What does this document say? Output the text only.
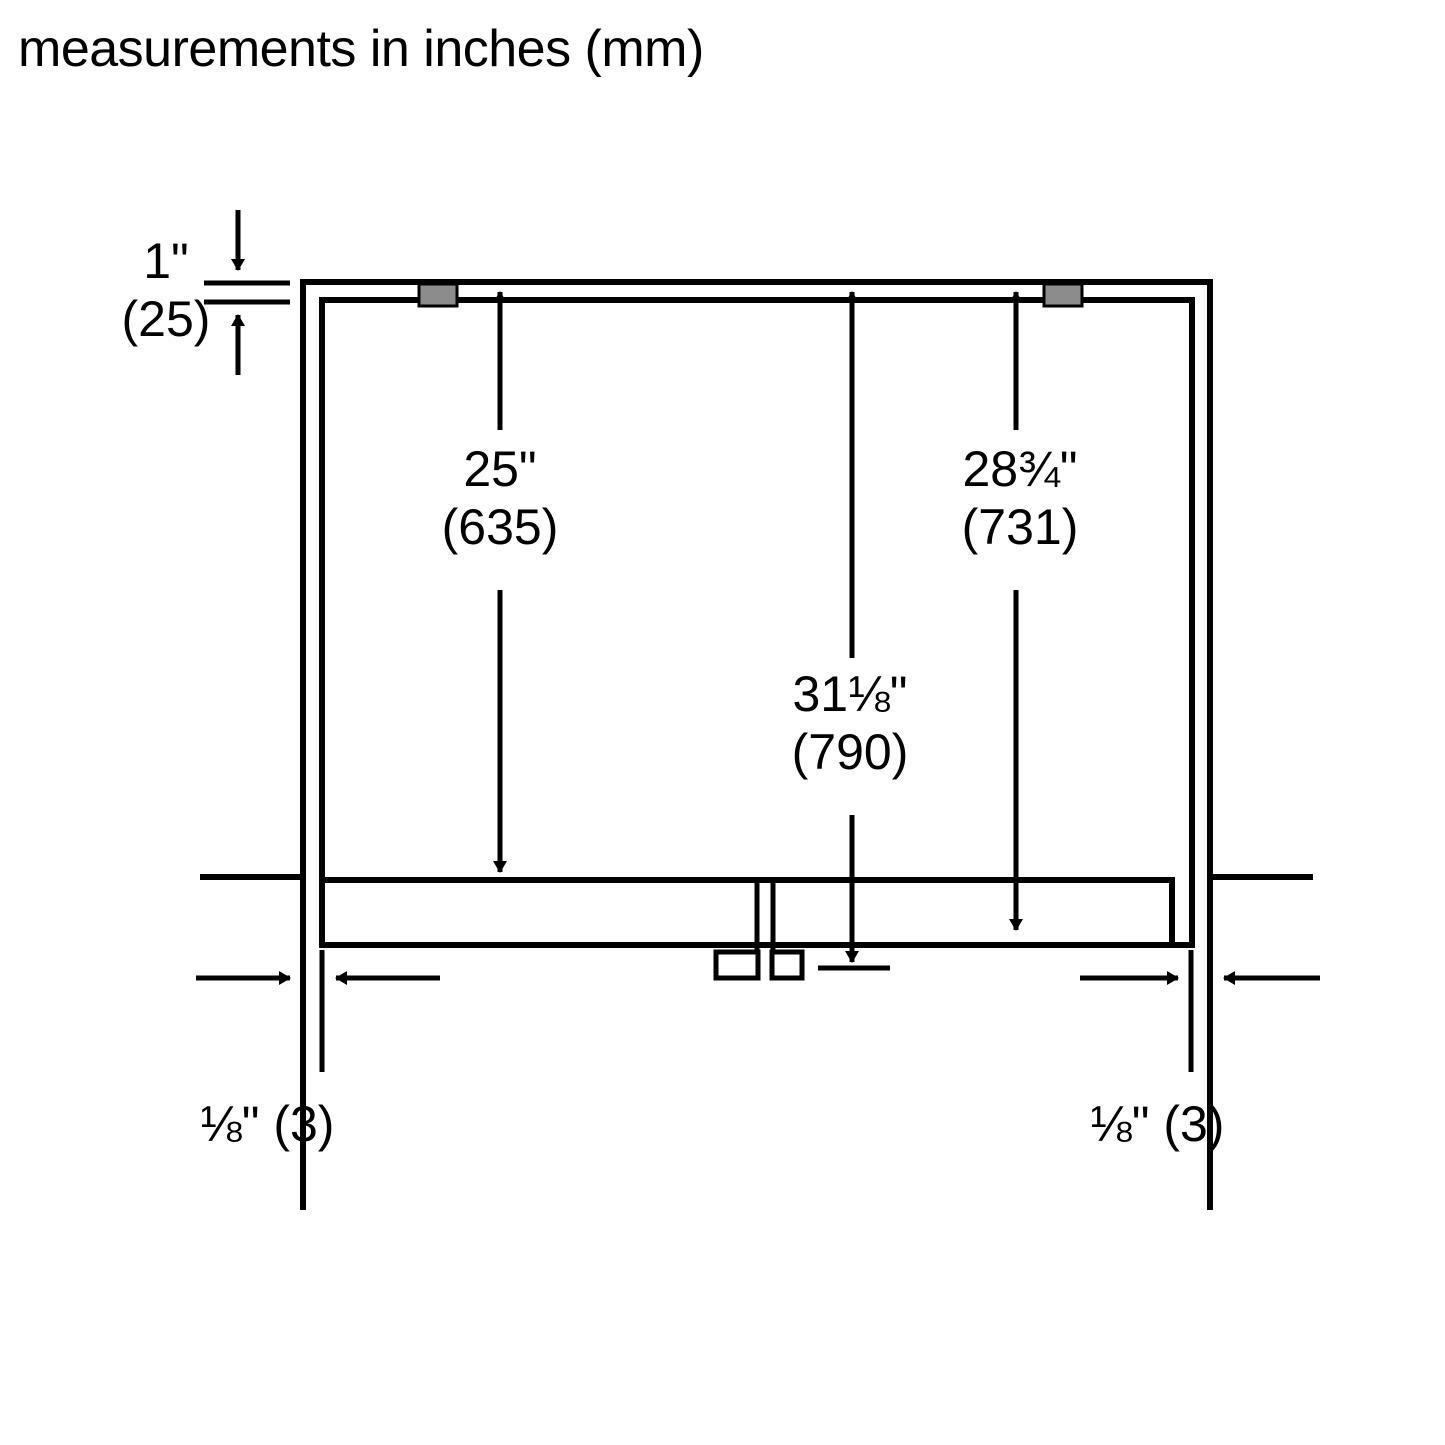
measurements in inches (mm)
1"
(25)
25"
(635)
28¾"
(731)
31⅛"
(790)
⅛" (3)	⅛" (3)
